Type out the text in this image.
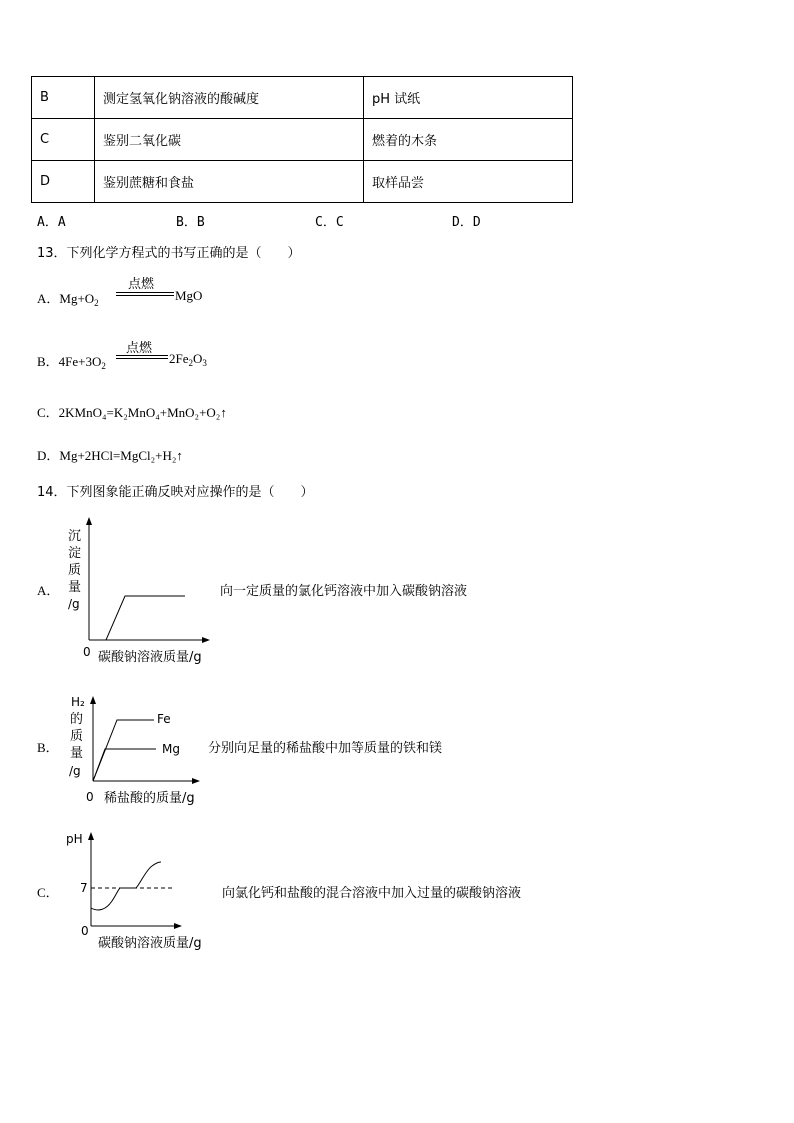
B	测定氢氧化钠溶液的酸碱度	pH 试纸
C	鉴别二氧化碳	燃着的木条
D	鉴别蔗糖和食盐	取样品尝
A．A	B．B	C．C	D．D
13．下列化学方程式的书写正确的是（　　）
A．$Mg+O_2$
点燃
MgO
B．$4Fe+3O_2$
点燃
$2Fe_2O_3$
C．2KMnO₄=K₂MnO₄+MnO₂+O₂↑
D．Mg+2HCl=MgCl₂+H₂↑
14．下列图象能正确反映对应操作的是（　　）
A．
沉
淀
质
量
/g
0 碳酸钠溶液质量/g
向一定质量的氯化钙溶液中加入碳酸钠溶液
B．
Fe
Mg
H₂
的
质
量
/g
0 稀盐酸的质量/g
分别向足量的稀盐酸中加等质量的铁和镁
C．
pH
7
0
碳酸钠溶液质量/g
向氯化钙和盐酸的混合溶液中加入过量的碳酸钠溶液
